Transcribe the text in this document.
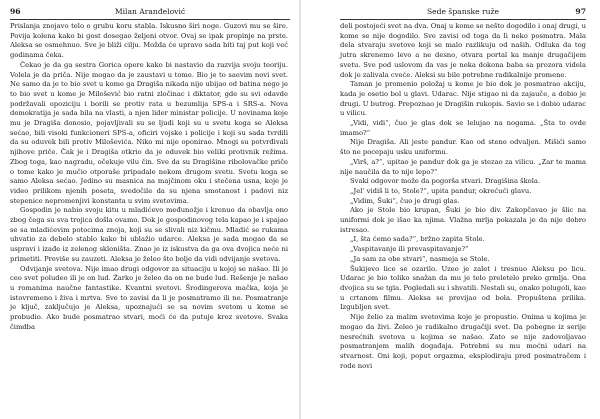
96	Milan Aranđelović

Prislanja znojavo telo o grubu koru stabla. Iskusno širi noge. Guzovi mu se šire. Povija kolena kako bi gost dosegao željeni otvor. Ovaj se ipak propinje na prste. Aleksa se osmehnuo. Sve je bliži cilju. Možda će upravo sada biti taj put koji već godinama čeka.

Čekao je da ga sestra Gorica opere kako bi nastavio da razvija svoju teoriju. Volela je da priča. Nije mogao da je zaustavi u tome. Bio je to saevim novi svet. Ne samo da je to bio svet u kome ga Dragiša nikada nije ubijao od batina nego je to bio svet u kome je Milošević bio ratni zločinac i diktator, gde su svi odavde podržavali opoziciju i borili se protiv rata u bezumlija SPS-a i SRS-a. Nova demokratija je sada bila na vlasti, a njen lider ministar policije. U novinama koje mu je Dragiša donosio, pojavljivali su se ljudi koji su u svetu koga se Aleksa sećao, bili visoki funkcioneri SPS-a, oficiri vojske i policije i koji su sada tvrdili da su oduvek bili protiv Miloševića. Niko mi nije oponirao. Mnogi su potvrđivali njihove priče. Čak je i Dragiša otkrio da je oduvek bio veliki protivnik režima. Zbog toga, kao nagradu, očekuje vilu čin. Sve da su Dragišine ribolovačke priče o tome kako je mučio otporaše pripadale nekom drugom svetu. Svetu koga se samo Aleksa sećao. Jedino su masnica na majčinom oku i stečena usna, koje je video prilikom njenih poseta, svedočile da su njena smotanost i padovi niz stepenice nepromenjivi konstanta u svim svetovima.

Gospodin je nabio svoju kitu u mladićevo međunožje i krenuo da obavlja ono zbog čega su sva trojica došla ovamo. Dok je gospodinovog tela kapao je i spajao se sa mladićevim potocima znoja, koji su se slivali niz kičmu. Mladić se rukama uhvatio za debelo stablo kako bi ublažio udarce. Aleksa je sada mogao da se uspravi i izađe iz zelenog skloništa. Znao je iz iskustva da ga ova dvojica neće ni primetiti. Previše su zauzeti. Aleksa je želeo što bolje da vidi odvijanje svetova.

Odvijanje svetova. Nije imao drugi odgovor za situaciju u kojoj se našao. Ili je ceo svet poludeo ili je on lud. Žarko je želeo da on ne bude lud. Rešenje je našao u romanima naučne fantastike. Kvantni svetovi. Šrodingerova mačka, koja je istovremeno i živa i mrtva. Sve to zavisi da li je posmatramo ili ne. Posmatranje je ključ, zaključujo je Aleksa, upoznajući se sa novim svetom u kome se probudio. Ako bude posmatrao stvari, moći će da putuje kroz svetove. Svaka čimdba

Sede španske ruže	97

deli postojeći svet na dva. Onaj u kome se nešto dogodilo i onaj drugi, u kome se nije dogodilo. Sve zavisi od toga da li neko posmatra. Mala dela stvaraju svetove koji se malo razlikuju od naših. Odluka da tog jutra skrenemo levo a ne desno, otvara portal ka manje drugačijem svetu. Sve pod uslovom da vas je neka dokona baba sa prozora videla dok je zalivala cveće. Aleksi su bile potrebne radikalnije promene.

Taman je promenio položaj u kome je bio dok je posmatrao akciju, kada je osetio bol u glavi. Udarac. Nije stigao ni da zajauče, a dobio je drugi. U butrog. Prepoznao je Dragišin rukopis. Savio se i dobio udarac u vilicu.

„Vidi, vidi“, čuo je glas dok se lelujao na nogama. „Šta to ovde imamo?“

Nije Dragiša. Ali jeste pandur. Kao od stene odvaljen. Mišići samo što ne pocepaju usku uniformu.

„Virš, a?“, upitao je pandur dok ga je stezao za vilicu. „Zar te mama nije naučila da to nije lepo?“

Svaki odgovor može da pogorša stvari. Dragišina škola.

„Jel‘ vidiš li to, Stole?“, upita pandur, okrećući glavu.

„Vidim, Šuki“, čuo je drugi glas.

Ako je Stole bio krupan, Šuki je bio div. Zakopčavao je šlic na uniformi dok je išao ka njima. Vlažna mrlja pokazala je da nije dobro istresao.

„I, šta ćemo sada?“, bržno zapita Stole.

„Vaspitavanje ili prevaspitavanje?“

„Ja sam za obe stvari“, nasmeja se Stole.

Šukijevo lice se ozarilo. Uzeo je zalet i tresnuo Aleksu po licu. Udarac je bio toliko snažan da mu je telo preletelo preko grmlja. Ona dvojica su se tgla. Pogledali su i shvatili. Nestali su, onako polugoli, kao u crtanom filmu. Aleksa se previjao od bola. Propuštena prilika. Izgubljen svet.

Nije želio za malim svetovima koje je propustio. Onima u kojima je mogao da živi. Želeo je radikalno drugačiji svet. Da pobegne iz serije nesrećnih svetova u kojima se našao. Zato se nije zadovoljavao posmatranjem malih događaja. Potrebni su mu moćni udari na stvarnost. Oni koji, poput orgazma, eksplodiraju pred posmatračem i rode novi
